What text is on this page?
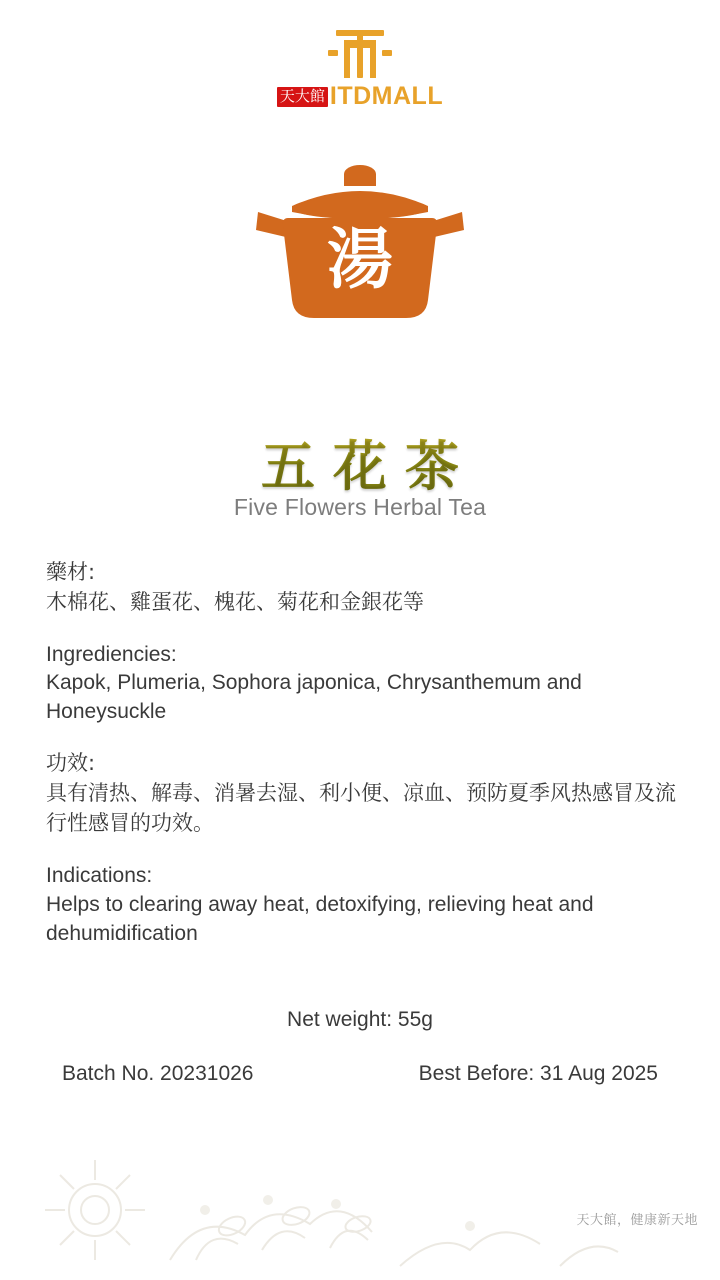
天大館 ITDMALL
湯
五花茶
Five Flowers Herbal Tea
藥材:
木棉花、雞蛋花、槐花、菊花和金銀花等
Ingrediencies:
Kapok, Plumeria, Sophora japonica, Chrysanthemum and Honeysuckle
功效:
具有清热、解毒、消暑去湿、利小便、凉血、预防夏季风热感冒及流行性感冒的功效。
Indications:
Helps to clearing away heat, detoxifying, relieving heat and dehumidification
Net weight: 55g
Batch No. 20231026	Best Before: 31 Aug 2025
天大館，健康新天地
